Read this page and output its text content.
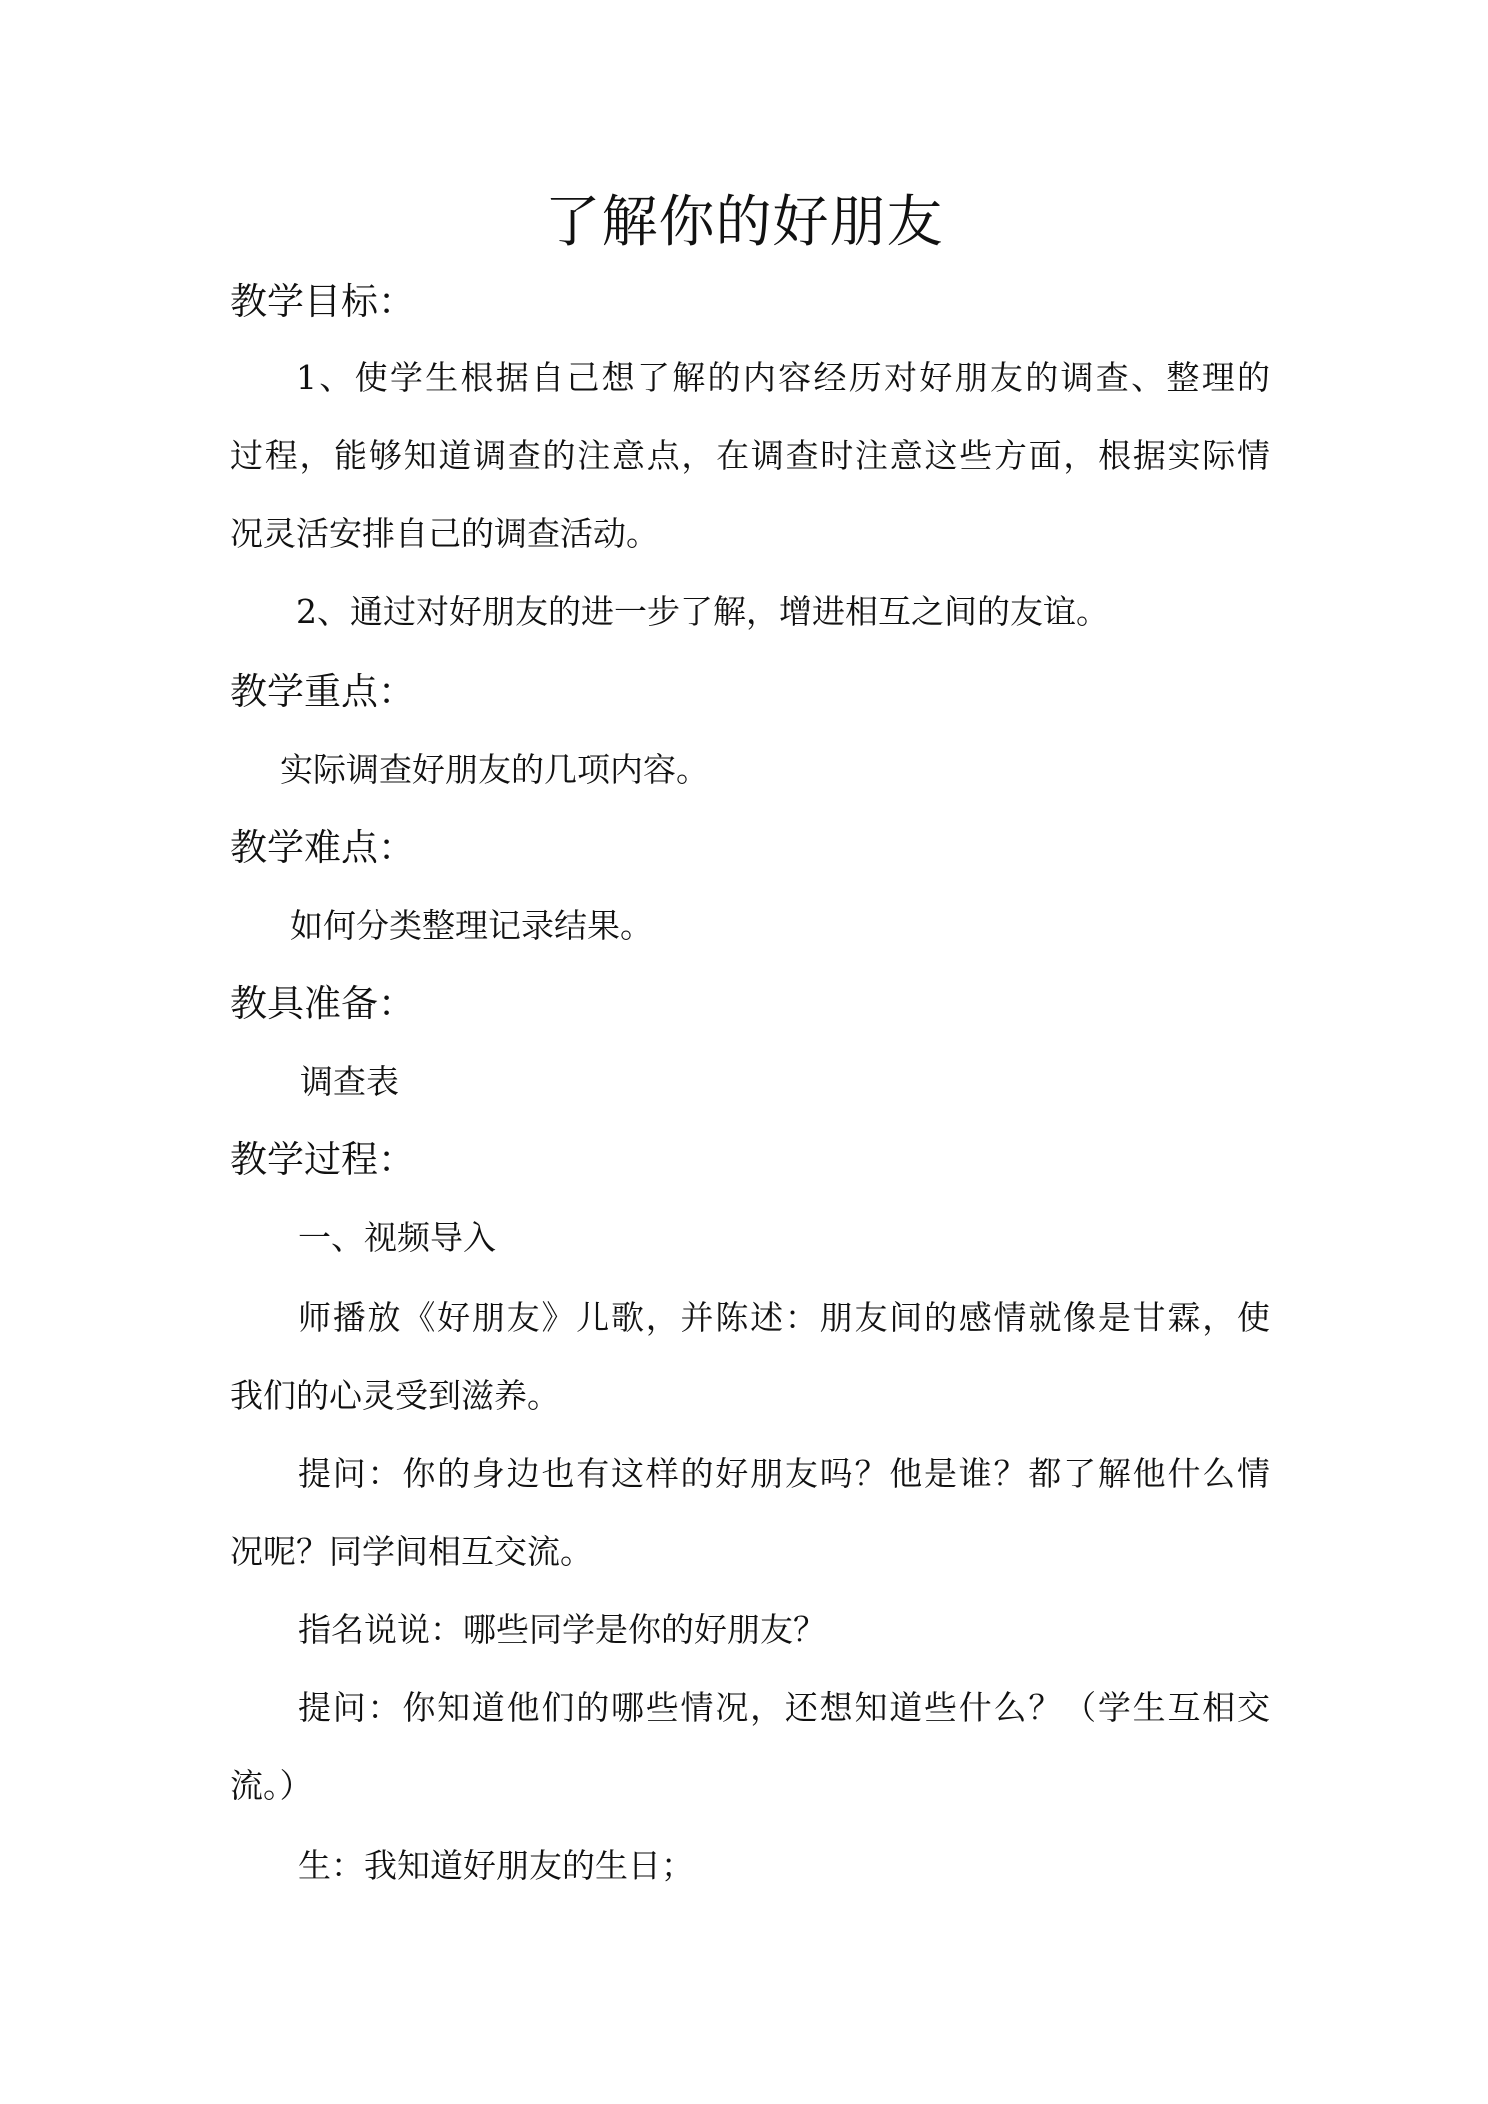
了解你的好朋友
教学目标：
1、使学生根据自己想了解的内容经历对好朋友的调查、整理的
过程，能够知道调查的注意点，在调查时注意这些方面，根据实际情
况灵活安排自己的调查活动。
2、通过对好朋友的进一步了解，增进相互之间的友谊。
教学重点：
实际调查好朋友的几项内容。
教学难点：
如何分类整理记录结果。
教具准备：
调查表
教学过程：
一、视频导入
师播放《好朋友》儿歌，并陈述：朋友间的感情就像是甘霖，使
我们的心灵受到滋养。
提问：你的身边也有这样的好朋友吗？他是谁？都了解他什么情
况呢？同学间相互交流。
指名说说：哪些同学是你的好朋友？
提问：你知道他们的哪些情况，还想知道些什么？（学生互相交
流。）
生：我知道好朋友的生日；
